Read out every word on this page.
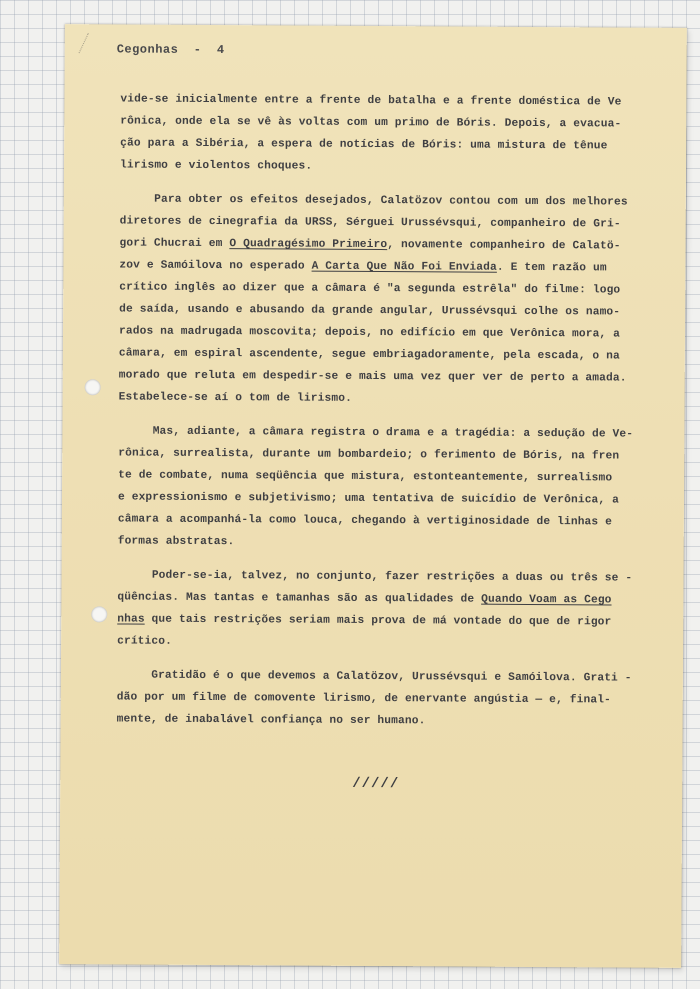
Cegonhas  -  4
vide-se inicialmente entre a frente de batalha e a frente doméstica de Ve
rônica, onde ela se vê às voltas com um primo de Bóris. Depois, a evacua-
ção para a Sibéria, a espera de notícias de Bóris: uma mistura de tênue
lirismo e violentos choques.
Para obter os efeitos desejados, Calatözov contou com um dos melhores
diretores de cinegrafia da URSS, Sérguei Urussévsqui, companheiro de Gri-
gori Chucrai em O Quadragésimo Primeiro, novamente companheiro de Calatö-
zov e Samóilova no esperado A Carta Que Não Foi Enviada. E tem razão um
crítico inglês ao dizer que a câmara é "a segunda estrêla" do filme: logo
de saída, usando e abusando da grande angular, Urussévsqui colhe os namo-
rados na madrugada moscovita; depois, no edifício em que Verônica mora, a
câmara, em espiral ascendente, segue embriagadoramente, pela escada, o na
morado que reluta em despedir-se e mais uma vez quer ver de perto a amada.
Estabelece-se aí o tom de lirismo.
Mas, adiante, a câmara registra o drama e a tragédia: a sedução de Ve-
rônica, surrealista, durante um bombardeio; o ferimento de Bóris, na fren
te de combate, numa seqüência que mistura, estonteantemente, surrealismo
e expressionismo e subjetivismo; uma tentativa de suicídio de Verônica, a
câmara a acompanhá-la como louca, chegando à vertiginosidade de linhas e
formas abstratas.
Poder-se-ia, talvez, no conjunto, fazer restrições a duas ou três se -
qüências. Mas tantas e tamanhas são as qualidades de Quando Voam as Cego
nhas que tais restrições seriam mais prova de má vontade do que de rigor
crítico.
Gratidão é o que devemos a Calatözov, Urussévsqui e Samóilova. Grati -
dão por um filme de comovente lirismo, de enervante angústia — e, final-
mente, de inabalável confiança no ser humano.
/////
